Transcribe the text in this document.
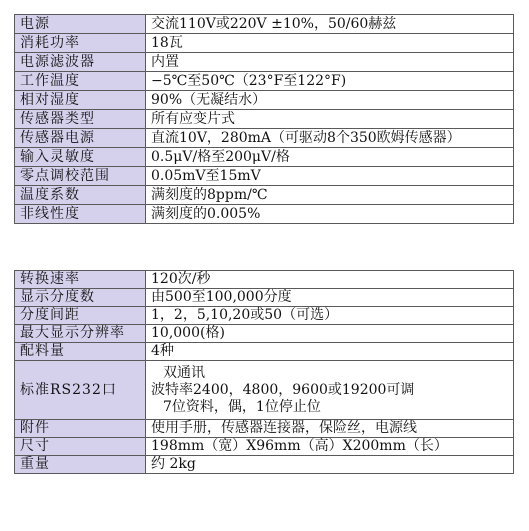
电源	交流110V或220V ±10%，50/60赫兹
消耗功率	18瓦
电源滤波器	内置
工作温度	−5℃至50℃（23°F至122°F)
相对湿度	90%（无凝结水）
传感器类型	所有应变片式
传感器电源	直流10V，280mA（可驱动8个350欧姆传感器）
输入灵敏度	0.5μV/格至200μV/格
零点调校范围	0.05mV至15mV
温度系数	满刻度的8ppm/℃
非线性度	满刻度的0.005%
转换速率	120次/秒
显示分度数	由500至100,000分度
分度间距	1，2，5,10,20或50（可选）
最大显示分辨率	10,000(格)
配料量	4种
标准RS232口	双通讯
波特率2400，4800，9600或19200可调
7位资料，偶，1位停止位

附件	使用手册，传感器连接器，保险丝，电源线
尺寸	198mm（宽）X96mm（高）X200mm（长）
重量	约 2kg
